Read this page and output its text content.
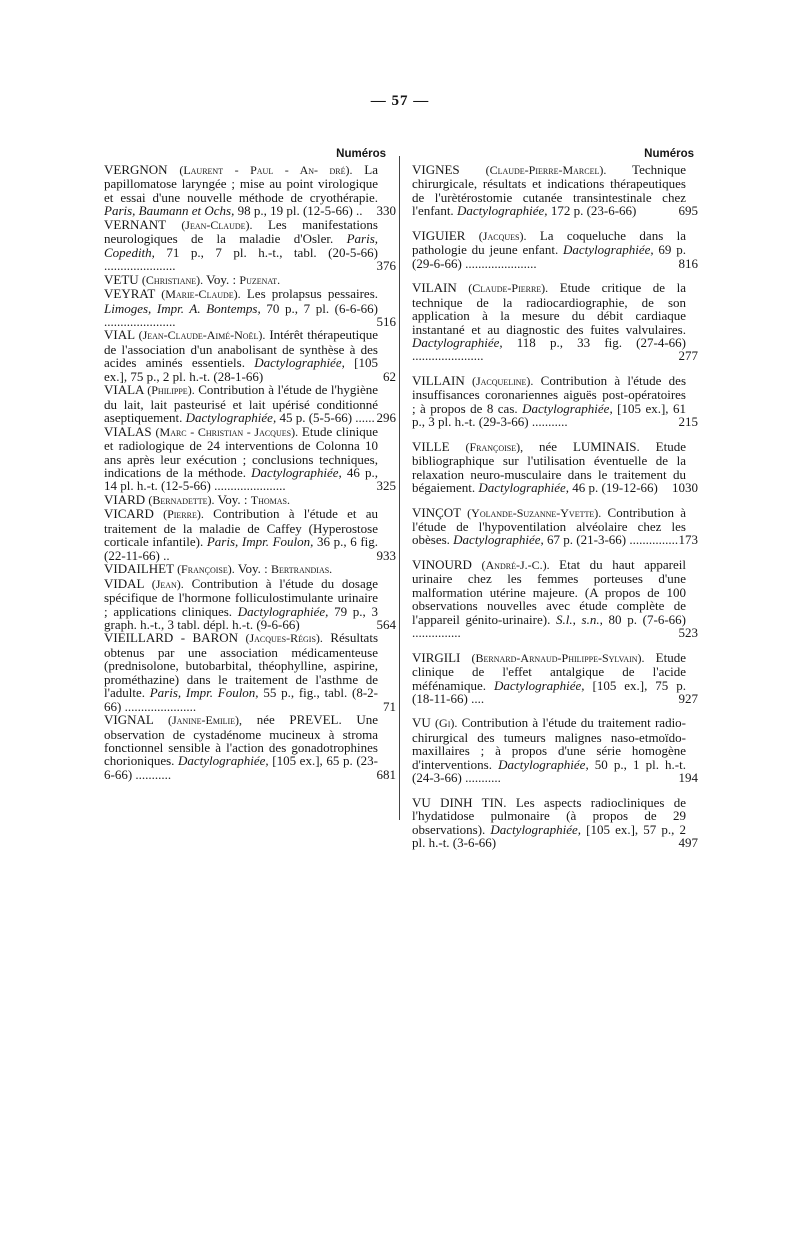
— 57 —
Numéros
VERGNON (Laurent - Paul - An- dré). La papillomatose laryngée ; mise au point virologique et essai d'une nouvelle méthode de cryothérapie. Paris, Baumann et Ochs, 98 p., 19 pl. (12-5-66) ..	330
VERNANT (Jean-Claude). Les manifestations neurologiques de la maladie d'Osler. Paris, Copedith, 71 p., 7 pl. h.-t., tabl. (20-5-66) ......................	376
VETU (Christiane). Voy. : Puzenat.
VEYRAT (Marie-Claude). Les prolapsus pessaires. Limoges, Impr. A. Bontemps, 70 p., 7 pl. (6-6-66) ......................	516
VIAL (Jean-Claude-Aimé-Noël). Intérêt thérapeutique de l'association d'un anabolisant de synthèse à des acides aminés essentiels. Dactylographiée, [105 ex.], 75 p., 2 pl. h.-t. (28-1-66)	62
VIALA (Philippe). Contribution à l'étude de l'hygiène du lait, lait pasteurisé et lait upérisé conditionné aseptiquement. Dactylographiée, 45 p. (5-5-66) ...... 296
VIALAS (Marc - Christian - Jacques). Etude clinique et radiologique de 24 interventions de Colonna 10 ans après leur exécution ; conclusions techniques, indications de la méthode. Dactylographiée, 46 p., 14 pl. h.-t. (12-5-66) ......................	325
VIARD (Bernadette). Voy. : Thomas.
VICARD (Pierre). Contribution à l'étude et au traitement de la maladie de Caffey (Hyperostose corticale infantile). Paris, Impr. Foulon, 36 p., 6 fig. (22-11-66) ..	933
VIDAILHET (Françoise). Voy. : Bertrandias.
VIDAL (Jean). Contribution à l'étude du dosage spécifique de l'hormone folliculostimulante urinaire ; applications cliniques. Dactylographiée, 79 p., 3 graph. h.-t., 3 tabl. dépl. h.-t. (9-6-66)	564
VIEILLARD - BARON (Jacques-Régis). Résultats obtenus par une association médicamenteuse (prednisolone, butobarbital, théophylline, aspirine, prométhazine) dans le traitement de l'asthme de l'adulte. Paris, Impr. Foulon, 55 p., fig., tabl. (8-2-66) ......................	71
VIGNAL (Janine-Emilie), née PREVEL. Une observation de cystadénome mucineux à stroma fonctionnel sensible à l'action des gonadotrophines chorioniques. Dactylographiée, [105 ex.], 65 p. (23-6-66) ...........	681
Numéros
VIGNES (Claude-Pierre-Marcel). Technique chirurgicale, résultats et indications thérapeutiques de l'urètérostomie cutanée transintestinale chez l'enfant. Dactylographiée, 172 p. (23-6-66)	695
VIGUIER (Jacques). La coqueluche dans la pathologie du jeune enfant. Dactylographiée, 69 p. (29-6-66) ......................	816
VILAIN (Claude-Pierre). Etude critique de la technique de la radiocardiographie, de son application à la mesure du débit cardiaque instantané et au diagnostic des fuites valvulaires. Dactylographiée, 118 p., 33 fig. (27-4-66) ......................	277
VILLAIN (Jacqueline). Contribution à l'étude des insuffisances coronariennes aiguës post-opératoires ; à propos de 8 cas. Dactylographiée, [105 ex.], 61 p., 3 pl. h.-t. (29-3-66) ...........	215
VILLE (Françoise), née LUMINAIS. Etude bibliographique sur l'utilisation éventuelle de la relaxation neuro-musculaire dans le traitement du bégaiement. Dactylographiée, 46 p. (19-12-66)	1030
VINÇOT (Yolande-Suzanne-Yvette). Contribution à l'étude de l'hypoventilation alvéolaire chez les obèses. Dactylographiée, 67 p. (21-3-66) ............... 173
VINOURD (André-J.-C.). Etat du haut appareil urinaire chez les femmes porteuses d'une malformation utérine majeure. (A propos de 100 observations nouvelles avec étude complète de l'appareil génito-urinaire). S.l., s.n., 80 p. (7-6-66) ...............	523
VIRGILI (Bernard-Arnaud-Philippe-Sylvain). Etude clinique de l'effet antalgique de l'acide méfénamique. Dactylographiée, [105 ex.], 75 p. (18-11-66) ....	927
VU (Gi). Contribution à l'étude du traitement radio-chirurgical des tumeurs malignes naso-etmoïdo-maxillaires ; à propos d'une série homogène d'interventions. Dactylographiée, 50 p., 1 pl. h.-t. (24-3-66) ...........	194
VU DINH TIN. Les aspects radiocliniques de l'hydatidose pulmonaire (à propos de 29 observations). Dactylographiée, [105 ex.], 57 p., 2 pl. h.-t. (3-6-66)	497
